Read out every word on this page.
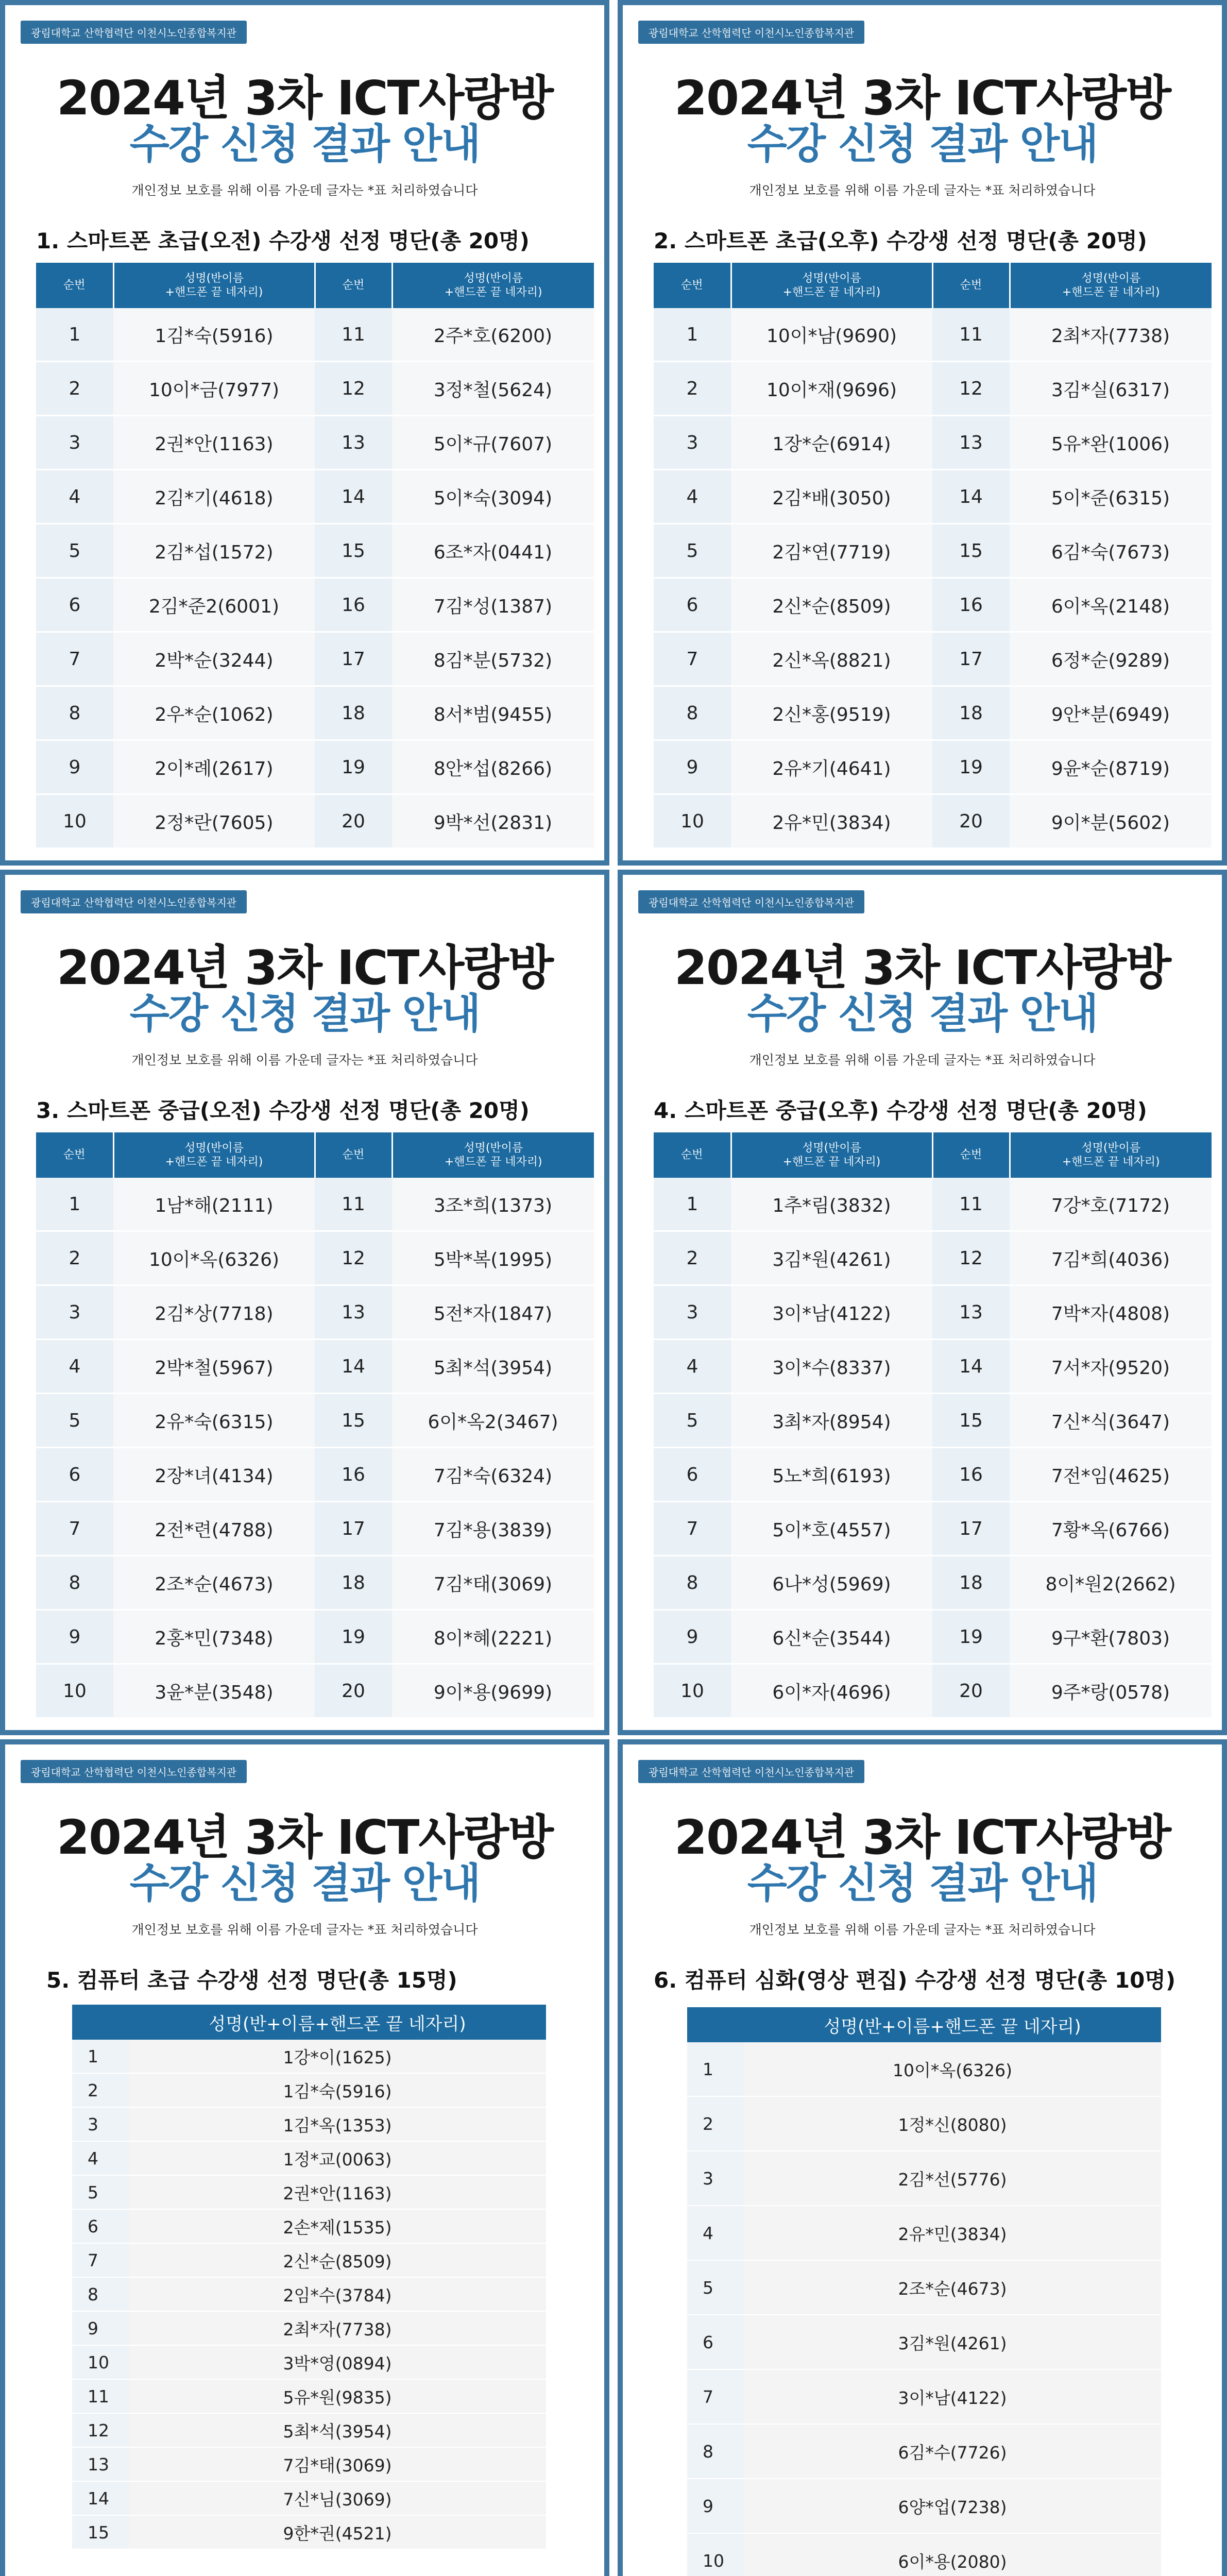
광림대학교 산학협력단 이천시노인종합복지관
2024년 3차 ICT사랑방
수강 신청 결과 안내
개인정보 보호를 위해 이름 가운데 글자는 *표 처리하였습니다
1. 스마트폰 초급(오전) 수강생 선정 명단(총 20명)
순번	성명(반이름
+핸드폰 끝 네자리)	순번	성명(반이름
+핸드폰 끝 네자리)
1	1김*숙(5916)	11	2주*호(6200)
2	10이*금(7977)	12	3정*철(5624)
3	2권*안(1163)	13	5이*규(7607)
4	2김*기(4618)	14	5이*숙(3094)
5	2김*섭(1572)	15	6조*자(0441)
6	2김*준2(6001)	16	7김*성(1387)
7	2박*순(3244)	17	8김*분(5732)
8	2우*순(1062)	18	8서*범(9455)
9	2이*례(2617)	19	8안*섭(8266)
10	2정*란(7605)	20	9박*선(2831)
광림대학교 산학협력단 이천시노인종합복지관
2024년 3차 ICT사랑방
수강 신청 결과 안내
개인정보 보호를 위해 이름 가운데 글자는 *표 처리하였습니다
2. 스마트폰 초급(오후) 수강생 선정 명단(총 20명)
순번	성명(반이름
+핸드폰 끝 네자리)	순번	성명(반이름
+핸드폰 끝 네자리)
1	10이*남(9690)	11	2최*자(7738)
2	10이*재(9696)	12	3김*실(6317)
3	1장*순(6914)	13	5유*완(1006)
4	2김*배(3050)	14	5이*준(6315)
5	2김*연(7719)	15	6김*숙(7673)
6	2신*순(8509)	16	6이*옥(2148)
7	2신*옥(8821)	17	6정*순(9289)
8	2신*홍(9519)	18	9안*분(6949)
9	2유*기(4641)	19	9윤*순(8719)
10	2유*민(3834)	20	9이*분(5602)
광림대학교 산학협력단 이천시노인종합복지관
2024년 3차 ICT사랑방
수강 신청 결과 안내
개인정보 보호를 위해 이름 가운데 글자는 *표 처리하였습니다
3. 스마트폰 중급(오전) 수강생 선정 명단(총 20명)
순번	성명(반이름
+핸드폰 끝 네자리)	순번	성명(반이름
+핸드폰 끝 네자리)
1	1남*해(2111)	11	3조*희(1373)
2	10이*옥(6326)	12	5박*복(1995)
3	2김*상(7718)	13	5전*자(1847)
4	2박*철(5967)	14	5최*석(3954)
5	2유*숙(6315)	15	6이*옥2(3467)
6	2장*녀(4134)	16	7김*숙(6324)
7	2전*련(4788)	17	7김*용(3839)
8	2조*순(4673)	18	7김*태(3069)
9	2홍*민(7348)	19	8이*혜(2221)
10	3윤*분(3548)	20	9이*용(9699)
광림대학교 산학협력단 이천시노인종합복지관
2024년 3차 ICT사랑방
수강 신청 결과 안내
개인정보 보호를 위해 이름 가운데 글자는 *표 처리하였습니다
4. 스마트폰 중급(오후) 수강생 선정 명단(총 20명)
순번	성명(반이름
+핸드폰 끝 네자리)	순번	성명(반이름
+핸드폰 끝 네자리)
1	1추*림(3832)	11	7강*호(7172)
2	3김*원(4261)	12	7김*희(4036)
3	3이*남(4122)	13	7박*자(4808)
4	3이*수(8337)	14	7서*자(9520)
5	3최*자(8954)	15	7신*식(3647)
6	5노*희(6193)	16	7전*임(4625)
7	5이*호(4557)	17	7황*옥(6766)
8	6나*성(5969)	18	8이*원2(2662)
9	6신*순(3544)	19	9구*환(7803)
10	6이*자(4696)	20	9주*랑(0578)
광림대학교 산학협력단 이천시노인종합복지관
2024년 3차 ICT사랑방
수강 신청 결과 안내
개인정보 보호를 위해 이름 가운데 글자는 *표 처리하였습니다
5. 컴퓨터 초급 수강생 선정 명단(총 15명)
	성명(반+이름+핸드폰 끝 네자리)
1	1강*이(1625)
2	1김*숙(5916)
3	1김*옥(1353)
4	1정*교(0063)
5	2권*안(1163)
6	2손*제(1535)
7	2신*순(8509)
8	2임*수(3784)
9	2최*자(7738)
10	3박*영(0894)
11	5유*원(9835)
12	5최*석(3954)
13	7김*태(3069)
14	7신*님(3069)
15	9한*권(4521)
광림대학교 산학협력단 이천시노인종합복지관
2024년 3차 ICT사랑방
수강 신청 결과 안내
개인정보 보호를 위해 이름 가운데 글자는 *표 처리하였습니다
6. 컴퓨터 심화(영상 편집) 수강생 선정 명단(총 10명)
	성명(반+이름+핸드폰 끝 네자리)
1	10이*옥(6326)
2	1정*신(8080)
3	2김*선(5776)
4	2유*민(3834)
5	2조*순(4673)
6	3김*원(4261)
7	3이*남(4122)
8	6김*수(7726)
9	6양*업(7238)
10	6이*용(2080)
